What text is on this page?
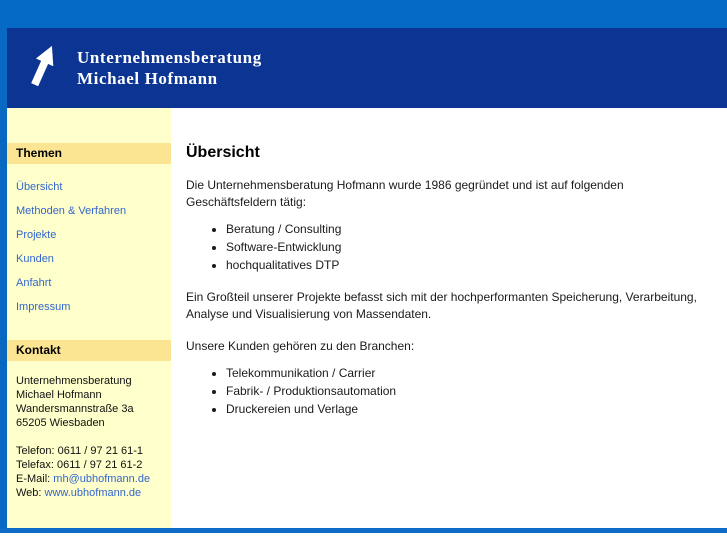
Unternehmensberatung
Michael Hofmann
Themen
Übersicht
Methoden & Verfahren
Projekte
Kunden
Anfahrt
Impressum
Kontakt
Unternehmensberatung
Michael Hofmann
Wandersmannstraße 3a
65205 Wiesbaden
Telefon: 0611 / 97 21 61-1
Telefax: 0611 / 97 21 61-2
E-Mail: mh@ubhofmann.de
Web: www.ubhofmann.de
Übersicht

Die Unternehmensberatung Hofmann wurde 1986 gegründet und ist auf folgenden Geschäftsfeldern tätig:

• Beratung / Consulting
• Software-Entwicklung
• hochqualitatives DTP

Ein Großteil unserer Projekte befasst sich mit der hochperformanten Speicherung, Verarbeitung, Analyse und Visualisierung von Massendaten.

Unsere Kunden gehören zu den Branchen:

• Telekommunikation / Carrier
• Fabrik- / Produktionsautomation
• Druckereien und Verlage
